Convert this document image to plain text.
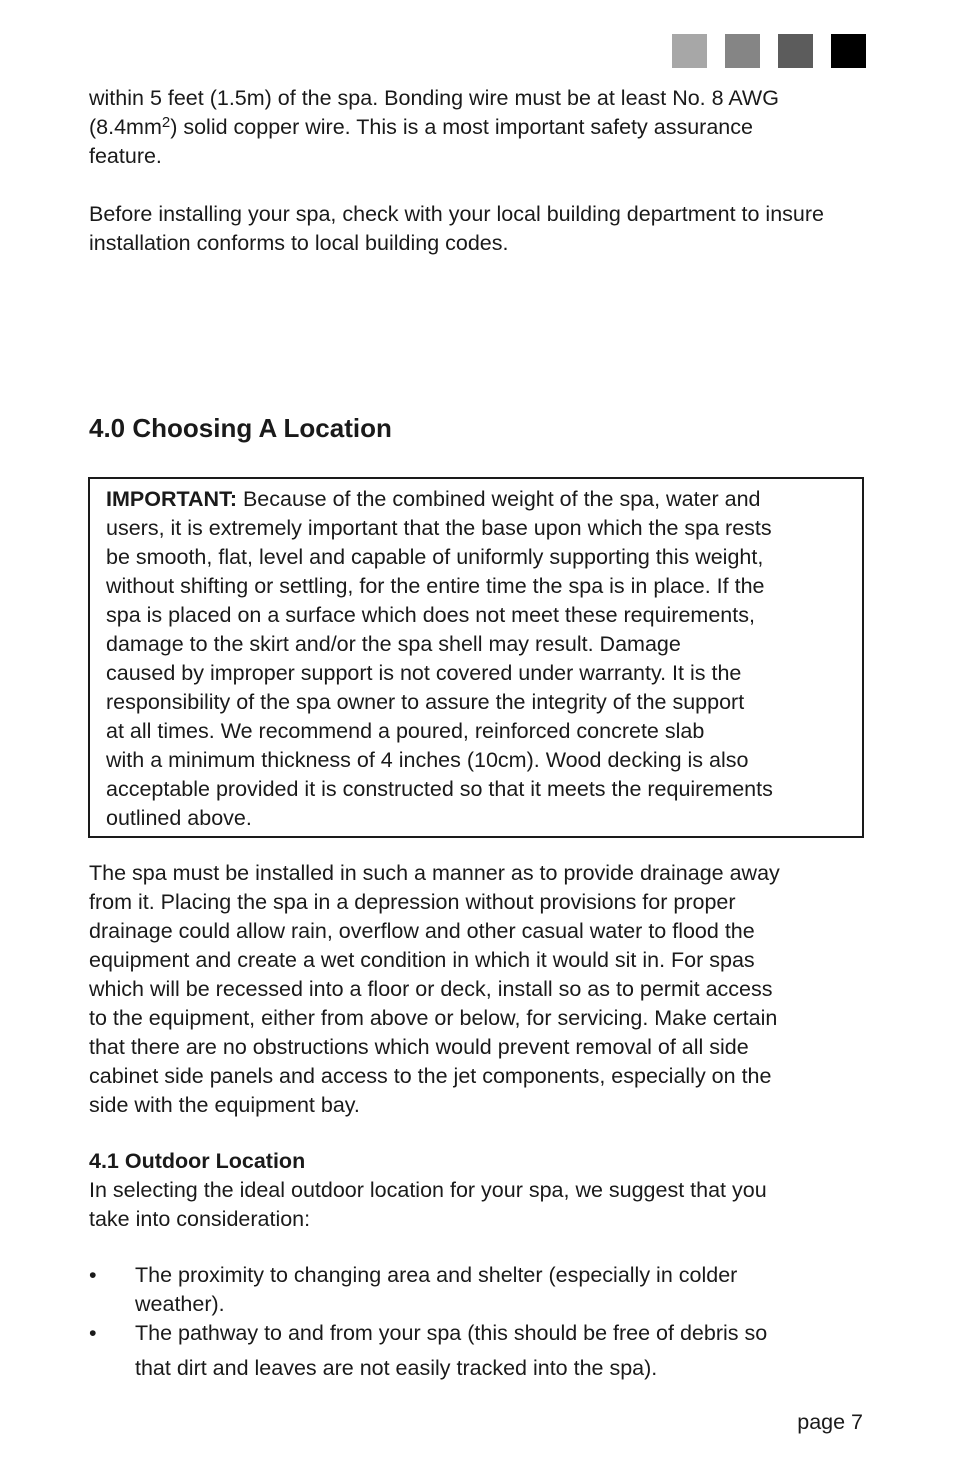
within 5 feet (1.5m) of the spa. Bonding wire must be at least No. 8 AWG
$(8.4mm^2)$ solid copper wire. This is a most important safety assurance
feature.
Before installing your spa, check with your local building department to insure installation conforms to local building codes.
4.0 Choosing A Location
IMPORTANT: Because of the combined weight of the spa, water and
users, it is extremely important that the base upon which the spa rests
be smooth, flat, level and capable of uniformly supporting this weight,
without shifting or settling, for the entire time the spa is in place. If the
spa is placed on a surface which does not meet these requirements,
damage to the skirt and/or the spa shell may result. Damage
caused by improper support is not covered under warranty. It is the
responsibility of the spa owner to assure the integrity of the support
at all times. We recommend a poured, reinforced concrete slab
with a minimum thickness of 4 inches (10cm). Wood decking is also
acceptable provided it is constructed so that it meets the requirements
outlined above.
The spa must be installed in such a manner as to provide drainage away
from it. Placing the spa in a depression without provisions for proper
drainage could allow rain, overflow and other casual water to flood the
equipment and create a wet condition in which it would sit in. For spas
which will be recessed into a floor or deck, install so as to permit access
to the equipment, either from above or below, for servicing. Make certain
that there are no obstructions which would prevent removal of all side
cabinet side panels and access to the jet components, especially on the
side with the equipment bay.
4.1 Outdoor Location
In selecting the ideal outdoor location for your spa, we suggest that you
take into consideration:
• The proximity to changing area and shelter (especially in colder
weather).
• The pathway to and from your spa (this should be free of debris so
that dirt and leaves are not easily tracked into the spa).
page 7
